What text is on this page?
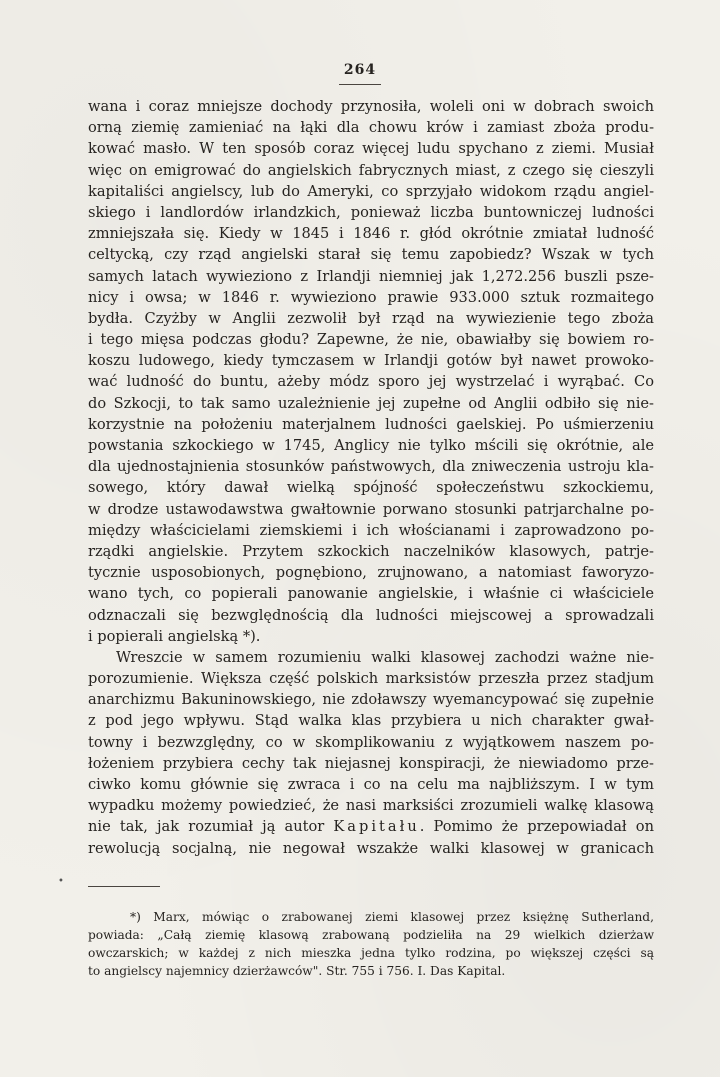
264
wana i coraz mniejsze dochody przynosiła, woleli oni w dobrach swoich
orną ziemię zamieniać na łąki dla chowu krów i zamiast zboża produ-
kować masło. W ten sposób coraz więcej ludu spychano z ziemi. Musiał
więc on emigrować do angielskich fabrycznych miast, z czego się cieszyli
kapitaliści angielscy, lub do Ameryki, co sprzyjało widokom rządu angiel-
skiego i landlordów irlandzkich, ponieważ liczba buntowniczej ludności
zmniejszała się. Kiedy w 1845 i 1846 r. głód okrótnie zmiatał ludność
celtycką, czy rząd angielski starał się temu zapobiedz? Wszak w tych
samych latach wywieziono z Irlandji niemniej jak 1,272.256 buszli psze-
nicy i owsa; w 1846 r. wywieziono prawie 933.000 sztuk rozmaitego
bydła. Czyżby w Anglii zezwolił był rząd na wywiezienie tego zboża
i tego mięsa podczas głodu? Zapewne, że nie, obawiałby się bowiem ro-
koszu ludowego, kiedy tymczasem w Irlandji gotów był nawet prowoko-
wać ludność do buntu, ażeby módz sporo jej wystrzelać i wyrąbać. Co
do Szkocji, to tak samo uzależnienie jej zupełne od Anglii odbiło się nie-
korzystnie na położeniu materjalnem ludności gaelskiej. Po uśmierzeniu
powstania szkockiego w 1745, Anglicy nie tylko mścili się okrótnie, ale
dla ujednostajnienia stosunków państwowych, dla zniweczenia ustroju kla-
sowego, który dawał wielką spójność społeczeństwu szkockiemu,
w drodze ustawodawstwa gwałtownie porwano stosunki patrjarchalne po-
między właścicielami ziemskiemi i ich włościanami i zaprowadzono po-
rządki angielskie. Przytem szkockich naczelników klasowych, patrje-
tycznie usposobionych, pognębiono, zrujnowano, a natomiast faworyzo-
wano tych, co popierali panowanie angielskie, i właśnie ci właściciele
odznaczali się bezwględnością dla ludności miejscowej a sprowadzali
i popierali angielską *).
Wreszcie w samem rozumieniu walki klasowej zachodzi ważne nie-
porozumienie. Większa część polskich marksistów przeszła przez stadjum
anarchizmu Bakuninowskiego, nie zdoławszy wyemancypować się zupełnie
z pod jego wpływu. Stąd walka klas przybiera u nich charakter gwał-
towny i bezwzględny, co w skomplikowaniu z wyjątkowem naszem po-
łożeniem przybiera cechy tak niejasnej konspiracji, że niewiadomo prze-
ciwko komu głównie się zwraca i co na celu ma najbliższym. I w tym
wypadku możemy powiedzieć, że nasi marksiści zrozumieli walkę klasową
nie tak, jak rozumiał ją autor Kapitału. Pomimo że przepowiadał on
rewolucją socjalną, nie negował wszakże walki klasowej w granicach
•
*) Marx, mówiąc o zrabowanej ziemi klasowej przez księżnę Sutherland,
powiada: „Całą ziemię klasową zrabowaną podzieliła na 29 wielkich dzierżaw
owczarskich; w każdej z nich mieszka jedna tylko rodzina, po większej części są
to angielscy najemnicy dzierżawców". Str. 755 i 756. I. Das Kapital.
